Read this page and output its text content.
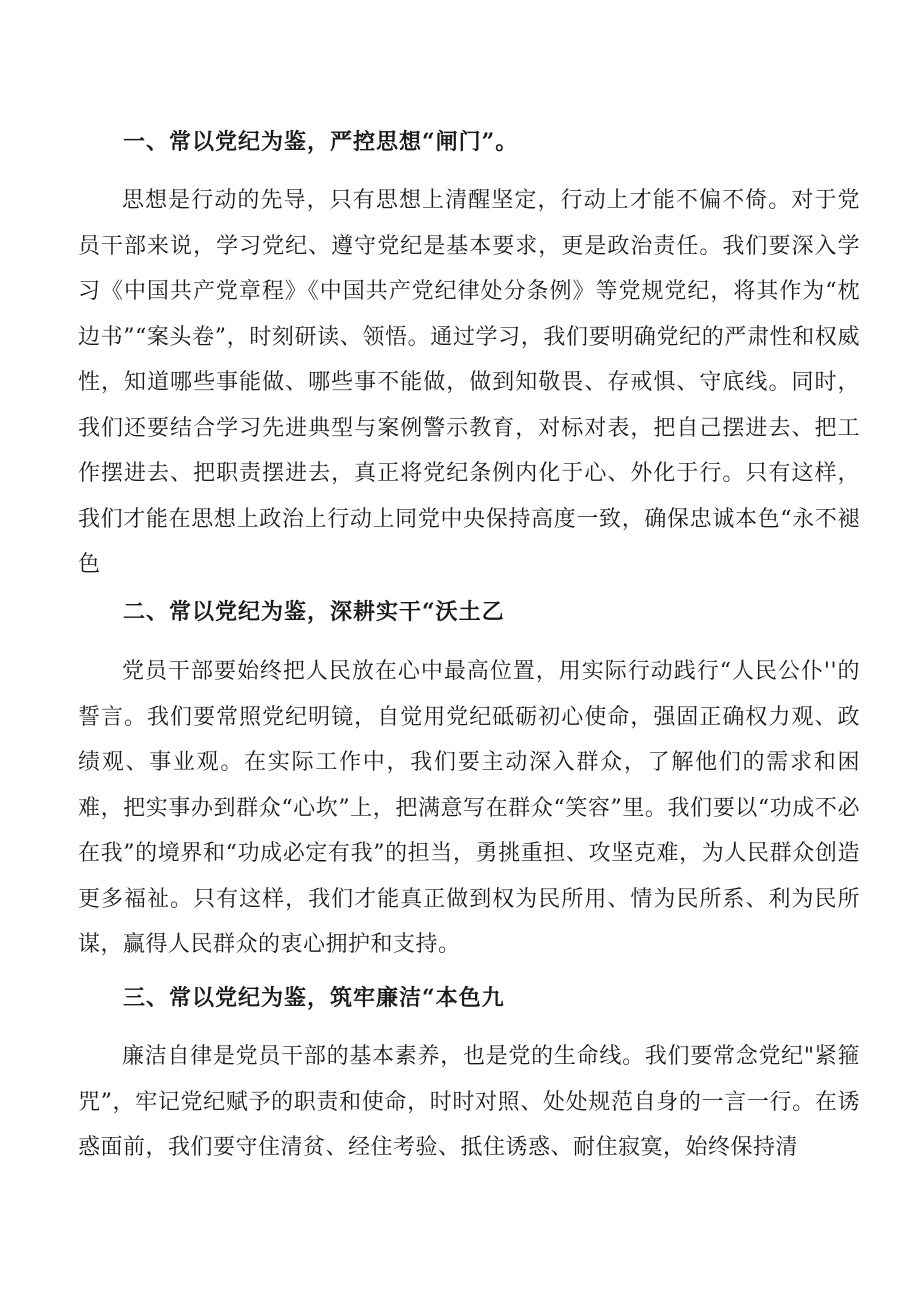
一、常以党纪为鉴，严控思想“闸门”。
思想是行动的先导，只有思想上清醒坚定，行动上才能不偏不倚。对于党员干部来说，学习党纪、遵守党纪是基本要求，更是政治责任。我们要深入学习《中国共产党章程》《中国共产党纪律处分条例》等党规党纪，将其作为“枕边书”“案头卷”，时刻研读、领悟。通过学习，我们要明确党纪的严肃性和权威性，知道哪些事能做、哪些事不能做，做到知敬畏、存戒惧、守底线。同时，我们还要结合学习先进典型与案例警示教育，对标对表，把自己摆进去、把工作摆进去、把职责摆进去，真正将党纪条例内化于心、外化于行。只有这样，我们才能在思想上政治上行动上同党中央保持高度一致，确保忠诚本色“永不褪色
二、常以党纪为鉴，深耕实干“沃土乙
党员干部要始终把人民放在心中最高位置，用实际行动践行“人民公仆''的誓言。我们要常照党纪明镜，自觉用党纪砥砺初心使命，强固正确权力观、政绩观、事业观。在实际工作中，我们要主动深入群众，了解他们的需求和困难，把实事办到群众“心坎”上，把满意写在群众“笑容”里。我们要以“功成不必在我”的境界和“功成必定有我”的担当，勇挑重担、攻坚克难，为人民群众创造更多福祉。只有这样，我们才能真正做到权为民所用、情为民所系、利为民所谋，赢得人民群众的衷心拥护和支持。
三、常以党纪为鉴，筑牢廉洁“本色九
廉洁自律是党员干部的基本素养，也是党的生命线。我们要常念党纪"紧箍咒”，牢记党纪赋予的职责和使命，时时对照、处处规范自身的一言一行。在诱惑面前，我们要守住清贫、经住考验、抵住诱惑、耐住寂寞，始终保持清
